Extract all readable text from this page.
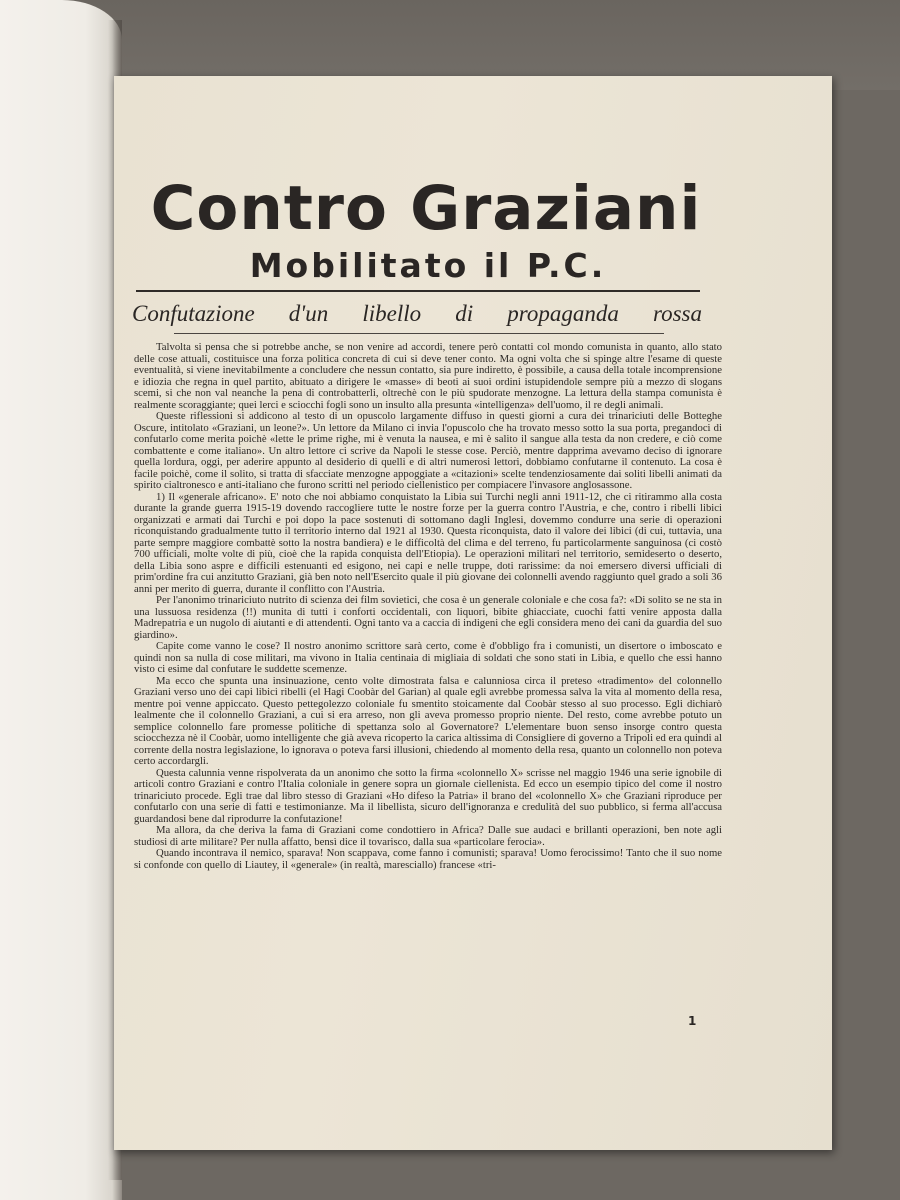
Contro Graziani
Mobilitato il P.C.
Confutazione d'un libello di propaganda rossa

Talvolta si pensa che si potrebbe anche, se non venire ad accordi, tenere però contatti col mondo comunista in quanto, allo stato delle cose attuali, costituisce una forza politica concreta di cui si deve tener conto. Ma ogni volta che si spinge altre l'esame di queste eventualità, si viene inevitabilmente a concludere che nessun contatto, sia pure indiretto, è possibile, a causa della totale incomprensione e idiozia che regna in quel partito, abituato a dirigere le «masse» di beoti ai suoi ordini istupidendole sempre più a mezzo di slogans scemi, si che non val neanche la pena di controbatterli, oltrechè con le più spudorate menzogne. La lettura della stampa comunista è realmente scoraggiante; quei lerci e sciocchi fogli sono un insulto alla presunta «intelligenza» dell'uomo, il re degli animali.

Queste riflessioni si addicono al testo di un opuscolo largamente diffuso in questi giorni a cura dei trinariciuti delle Botteghe Oscure, intitolato «Graziani, un leone?». Un lettore da Milano ci invia l'opuscolo che ha trovato messo sotto la sua porta, pregandoci di confutarlo come merita poichè «lette le prime righe, mi è venuta la nausea, e mi è salito il sangue alla testa da non credere, e ciò come combattente e come italiano». Un altro lettore ci scrive da Napoli le stesse cose. Perciò, mentre dapprima avevamo deciso di ignorare quella lordura, oggi, per aderire appunto al desiderio di quelli e di altri numerosi lettori, dobbiamo confutarne il contenuto. La cosa è facile poichè, come il solito, si tratta di sfacciate menzogne appoggiate a «citazioni» scelte tendenziosamente dai soliti libelli animati da spirito cialtronesco e anti-italiano che furono scritti nel periodo ciellenistico per compiacere l'invasore anglosassone.

1) Il «generale africano». E' noto che noi abbiamo conquistato la Libia sui Turchi negli anni 1911-12, che ci ritirammo alla costa durante la grande guerra 1915-19 dovendo raccogliere tutte le nostre forze per la guerra contro l'Austria, e che, contro i ribelli libici organizzati e armati dai Turchi e poi dopo la pace sostenuti di sottomano dagli Inglesi, dovemmo condurre una serie di operazioni riconquistando gradualmente tutto il territorio interno dal 1921 al 1930. Questa riconquista, dato il valore dei libici (di cui, tuttavia, una parte sempre maggiore combattè sotto la nostra bandiera) e le difficoltà del clima e del terreno, fu particolarmente sanguinosa (ci costò 700 ufficiali, molte volte di più, cioè che la rapida conquista dell'Etiopia). Le operazioni militari nel territorio, semideserto o deserto, della Libia sono aspre e difficili estenuanti ed esigono, nei capi e nelle truppe, doti rarissime: da noi emersero diversi ufficiali di prim'ordine fra cui anzitutto Graziani, già ben noto nell'Esercito quale il più giovane dei colonnelli avendo raggiunto quel grado a soli 36 anni per merito di guerra, durante il conflitto con l'Austria.

Per l'anonimo trinariciuto nutrito di scienza dei film sovietici, che cosa è un generale coloniale e che cosa fa?: «Di solito se ne sta in una lussuosa residenza (!!) munita di tutti i conforti occidentali, con liquori, bibite ghiacciate, cuochi fatti venire apposta dalla Madrepatria e un nugolo di aiutanti e di attendenti. Ogni tanto va a caccia di indigeni che egli considera meno dei cani da guardia del suo giardino».

Capite come vanno le cose? Il nostro anonimo scrittore sarà certo, come è d'obbligo fra i comunisti, un disertore o imboscato e quindi non sa nulla di cose militari, ma vivono in Italia centinaia di migliaia di soldati che sono stati in Libia, e quello che essi hanno visto ci esime dal confutare le suddette scemenze.

Ma ecco che spunta una insinuazione, cento volte dimostrata falsa e calunniosa circa il preteso «tradimento» del colonnello Graziani verso uno dei capi libici ribelli (el Hagi Coobàr del Garian) al quale egli avrebbe promessa salva la vita al momento della resa, mentre poi venne appiccato. Questo pettegolezzo coloniale fu smentito stoicamente dal Coobàr stesso al suo processo. Egli dichiarò lealmente che il colonnello Graziani, a cui si era arreso, non gli aveva promesso proprio niente. Del resto, come avrebbe potuto un semplice colonnello fare promesse politiche di spettanza solo al Governatore? L'elementare buon senso insorge contro questa sciocchezza nè il Coobàr, uomo intelligente che già aveva ricoperto la carica altissima di Consigliere di governo a Tripoli ed era quindi al corrente della nostra legislazione, lo ignorava o poteva farsi illusioni, chiedendo al momento della resa, quanto un colonnello non poteva certo accordargli.

Questa calunnia venne rispolverata da un anonimo che sotto la firma «colonnello X» scrisse nel maggio 1946 una serie ignobile di articoli contro Graziani e contro l'Italia coloniale in genere sopra un giornale ciellenista. Ed ecco un esempio tipico del come il nostro trinariciuto procede. Egli trae dal libro stesso di Graziani «Ho difeso la Patria» il brano del «colonnello X» che Graziani riproduce per confutarlo con una serie di fatti e testimonianze. Ma il libellista, sicuro dell'ignoranza e credulità del suo pubblico, si ferma all'accusa guardandosi bene dal riprodurre la confutazione!

Ma allora, da che deriva la fama di Graziani come condottiero in Africa? Dalle sue audaci e brillanti operazioni, ben note agli studiosi di arte militare? Per nulla affatto, bensì dice il tovarisco, dalla sua «particolare ferocia».

Quando incontrava il nemico, sparava! Non scappava, come fanno i comunisti; sparava! Uomo ferocissimo! Tanto che il suo nome si confonde con quello di Liautey, il «generale» (in realtà, maresciallo) francese «tri-

1
